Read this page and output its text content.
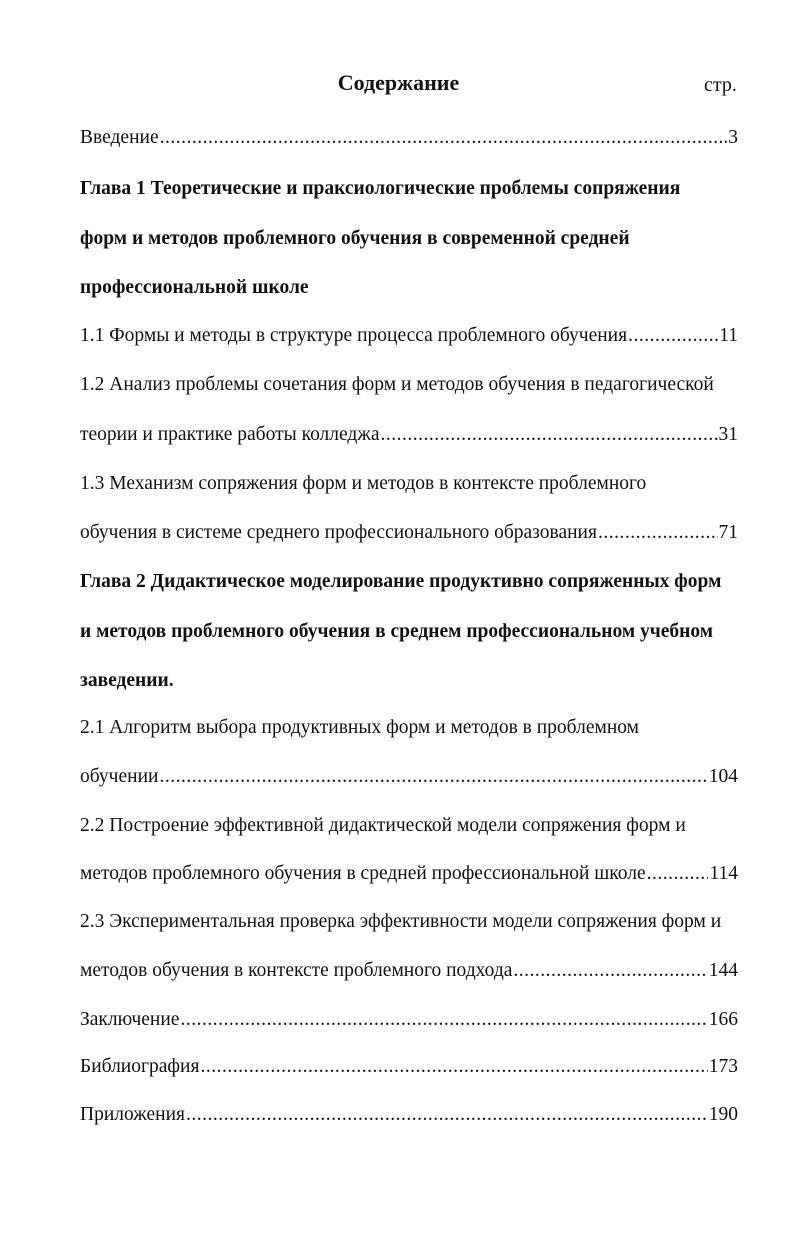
Содержание	стр.
Введение .....	..3
Глава 1 Теоретические и праксиологические проблемы сопряжения
форм и методов проблемного обучения в современной средней
профессиональной школе
1.1 Формы и методы в структуре процесса проблемного обучения .....	11
1.2 Анализ проблемы сочетания форм и методов обучения в педагогической
теории и практике работы колледжа .....	31
1.3 Механизм сопряжения форм и методов в контексте проблемного
обучения в системе среднего профессионального образования .....	71
Глава 2 Дидактическое моделирование продуктивно сопряженных форм
и методов проблемного обучения в среднем профессиональном учебном
заведении.
2.1 Алгоритм выбора продуктивных форм и методов в проблемном
обучении .....	104
2.2 Построение эффективной дидактической модели сопряжения форм и
методов проблемного обучения в средней профессиональной школе .....	114
2.3 Экспериментальная проверка эффективности модели сопряжения форм и
методов обучения в контексте проблемного подхода .....	144
Заключение .....	166
Библиография .....	173
Приложения .....	190
